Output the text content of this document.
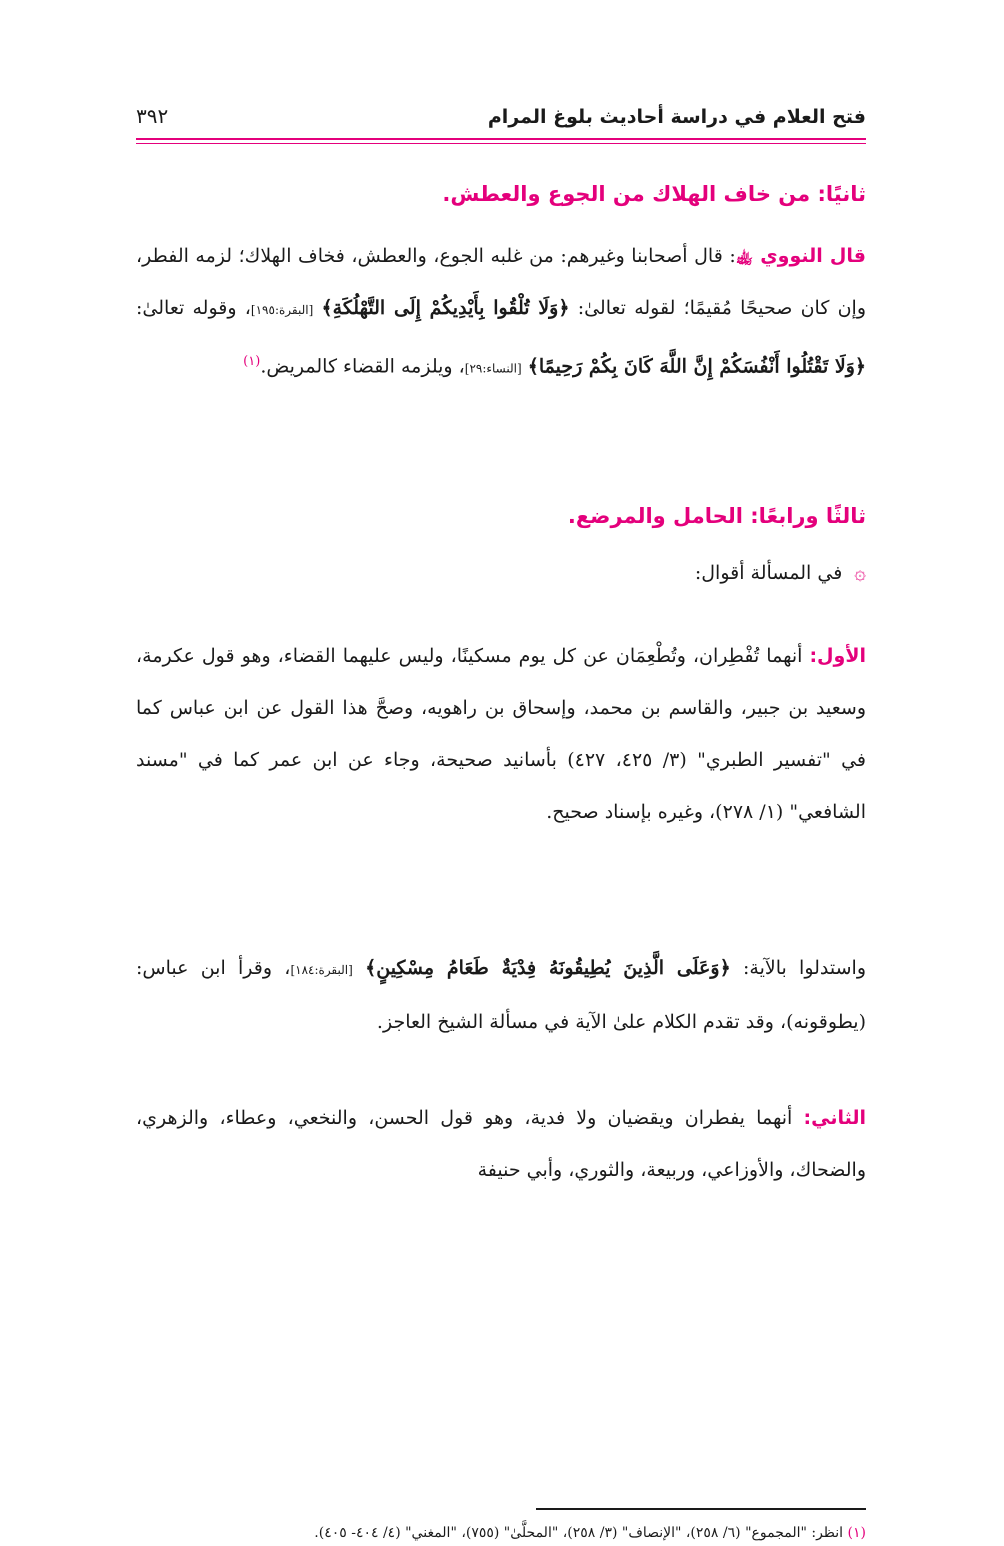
فتح العلام في دراسة أحاديث بلوغ المرام
٣٩٢
ثانيًا: من خاف الهلاك من الجوع والعطش.

قال النووي ﵀: قال أصحابنا وغيرهم: من غلبه الجوع، والعطش، فخاف الهلاك؛ لزمه الفطر، وإن كان صحيحًا مُقيمًا؛ لقوله تعالىٰ: ﴿وَلَا تُلْقُوا بِأَيْدِيكُمْ إِلَى التَّهْلُكَةِ﴾ [البقرة:١٩٥]، وقوله تعالىٰ: ﴿وَلَا تَقْتُلُوا أَنْفُسَكُمْ إِنَّ اللَّهَ كَانَ بِكُمْ رَحِيمًا﴾ [النساء:٢٩]، ويلزمه القضاء كالمريض.$^{(١)}$

ثالثًا ورابعًا: الحامل والمرضع.
۞في المسألة أقوال:

الأول: أنهما تُفْطِران، وتُطْعِمَان عن كل يوم مسكينًا، وليس عليهما القضاء، وهو قول عكرمة، وسعيد بن جبير، والقاسم بن محمد، وإسحاق بن راهويه، وصحَّ هذا القول عن ابن عباس كما في "تفسير الطبري" (٣/ ٤٢٥، ٤٢٧) بأسانيد صحيحة، وجاء عن ابن عمر كما في "مسند الشافعي" (١/ ٢٧٨)، وغيره بإسناد صحيح.

واستدلوا بالآية: ﴿وَعَلَى الَّذِينَ يُطِيقُونَهُ فِدْيَةٌ طَعَامُ مِسْكِينٍ﴾ [البقرة:١٨٤]، وقرأ ابن عباس: (يطوقونه)، وقد تقدم الكلام علىٰ الآية في مسألة الشيخ العاجز.

الثاني: أنهما يفطران ويقضيان ولا فدية، وهو قول الحسن، والنخعي، وعطاء، والزهري، والضحاك، والأوزاعي، وربيعة، والثوري، وأبي حنيفة

(١) انظر: "المجموع" (٦/ ٢٥٨)، "الإنصاف" (٣/ ٢٥٨)، "المحلَّىٰ" (٧٥٥)، "المغني" (٤/ ٤٠٤- ٤٠٥).
